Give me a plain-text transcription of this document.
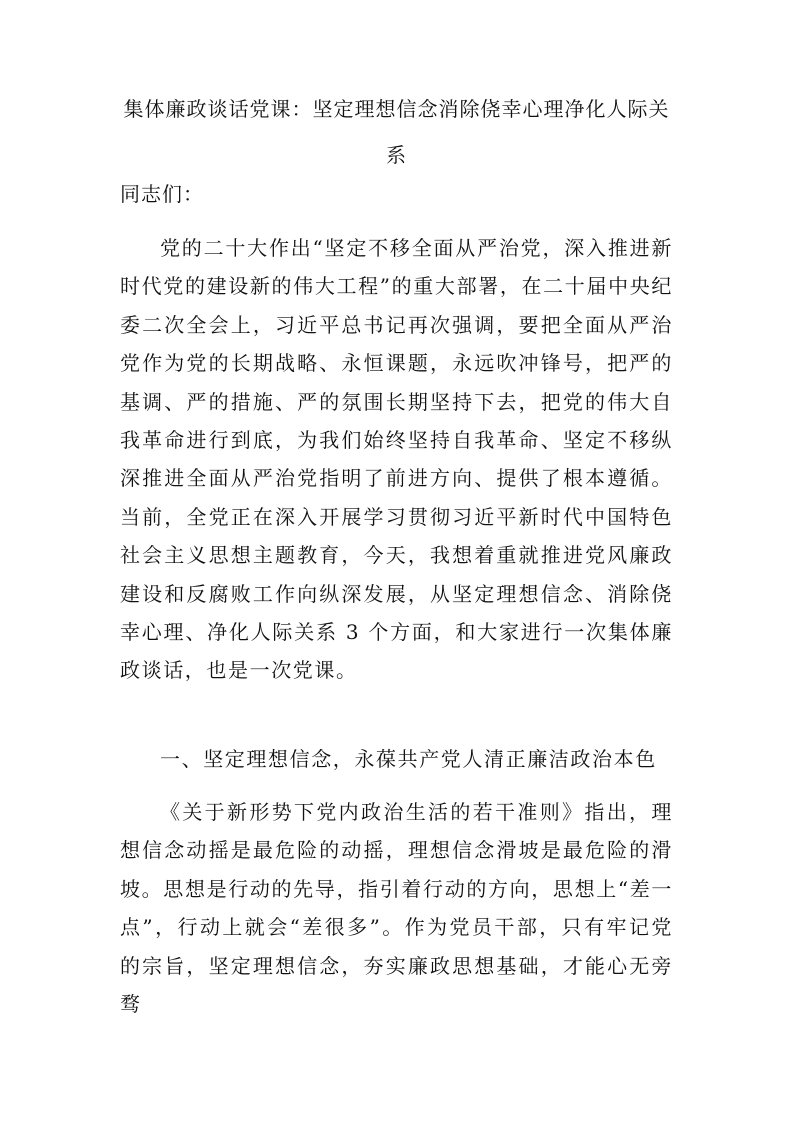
集体廉政谈话党课：坚定理想信念消除侥幸心理净化人际关系
同志们：

党的二十大作出“坚定不移全面从严治党，深入推进新时代党的建设新的伟大工程”的重大部署，在二十届中央纪委二次全会上，习近平总书记再次强调，要把全面从严治党作为党的长期战略、永恒课题，永远吹冲锋号，把严的基调、严的措施、严的氛围长期坚持下去，把党的伟大自我革命进行到底，为我们始终坚持自我革命、坚定不移纵深推进全面从严治党指明了前进方向、提供了根本遵循。当前，全党正在深入开展学习贯彻习近平新时代中国特色社会主义思想主题教育，今天，我想着重就推进党风廉政建设和反腐败工作向纵深发展，从坚定理想信念、消除侥幸心理、净化人际关系 3 个方面，和大家进行一次集体廉政谈话，也是一次党课。

一、坚定理想信念，永葆共产党人清正廉洁政治本色

《关于新形势下党内政治生活的若干准则》指出，理想信念动摇是最危险的动摇，理想信念滑坡是最危险的滑坡。思想是行动的先导，指引着行动的方向，思想上“差一点”，行动上就会“差很多”。作为党员干部，只有牢记党的宗旨，坚定理想信念，夯实廉政思想基础，才能心无旁骛
